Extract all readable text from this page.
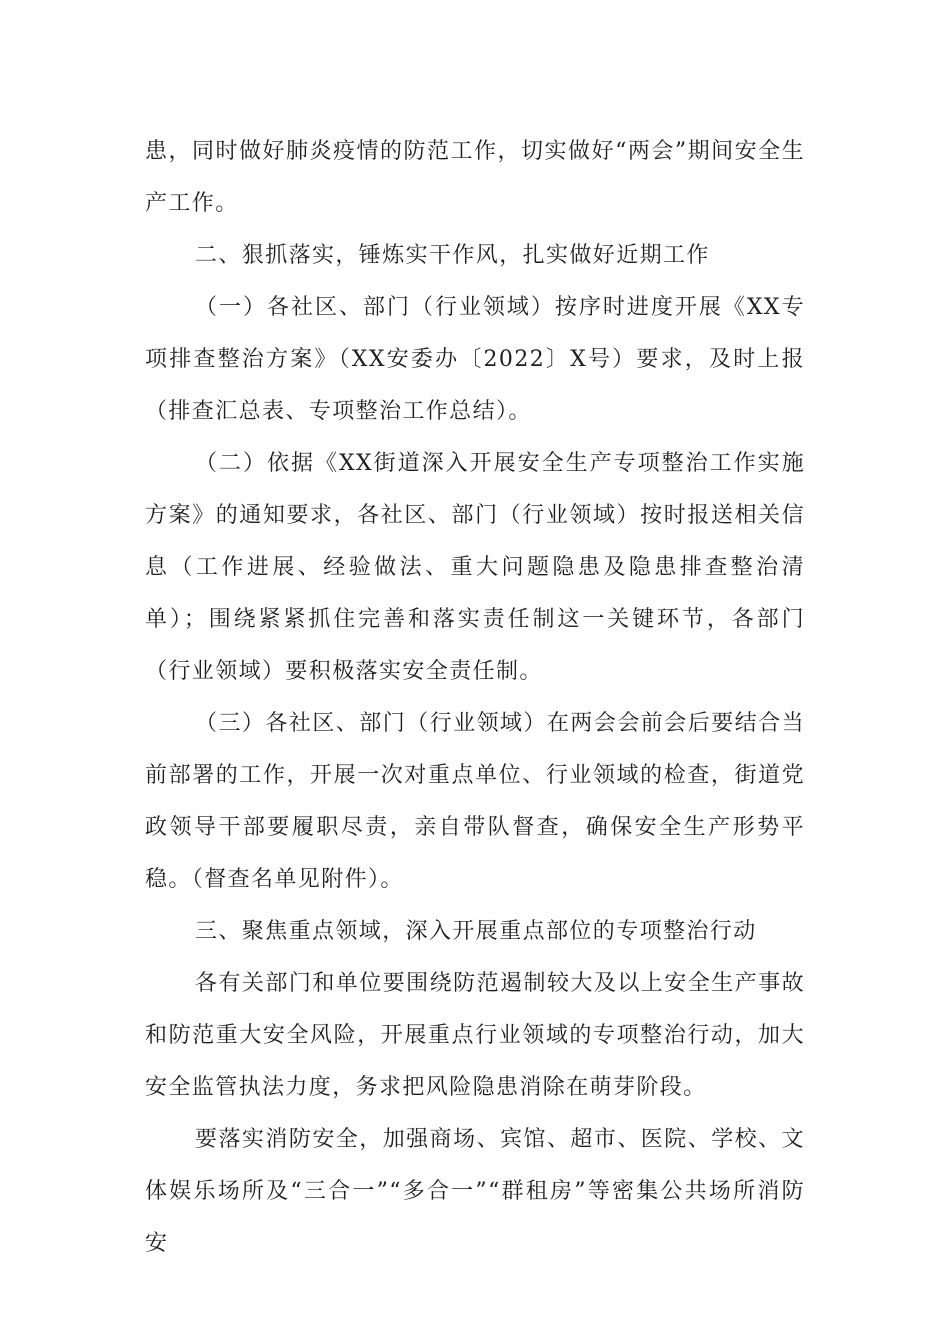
患，同时做好肺炎疫情的防范工作，切实做好“两会”期间安全生产工作。

二、狠抓落实，锤炼实干作风，扎实做好近期工作

（一）各社区、部门（行业领域）按序时进度开展《XX专项排查整治方案》（XX安委办〔2022〕X号）要求，及时上报（排查汇总表、专项整治工作总结）。

（二）依据《XX街道深入开展安全生产专项整治工作实施方案》的通知要求，各社区、部门（行业领域）按时报送相关信息（工作进展、经验做法、重大问题隐患及隐患排查整治清单）；围绕紧紧抓住完善和落实责任制这一关键环节，各部门（行业领域）要积极落实安全责任制。

（三）各社区、部门（行业领域）在两会会前会后要结合当前部署的工作，开展一次对重点单位、行业领域的检查，街道党政领导干部要履职尽责，亲自带队督查，确保安全生产形势平稳。（督查名单见附件）。

三、聚焦重点领域，深入开展重点部位的专项整治行动

各有关部门和单位要围绕防范遏制较大及以上安全生产事故和防范重大安全风险，开展重点行业领域的专项整治行动，加大安全监管执法力度，务求把风险隐患消除在萌芽阶段。

要落实消防安全，加强商场、宾馆、超市、医院、学校、文体娱乐场所及“三合一”“多合一”“群租房”等密集公共场所消防安
